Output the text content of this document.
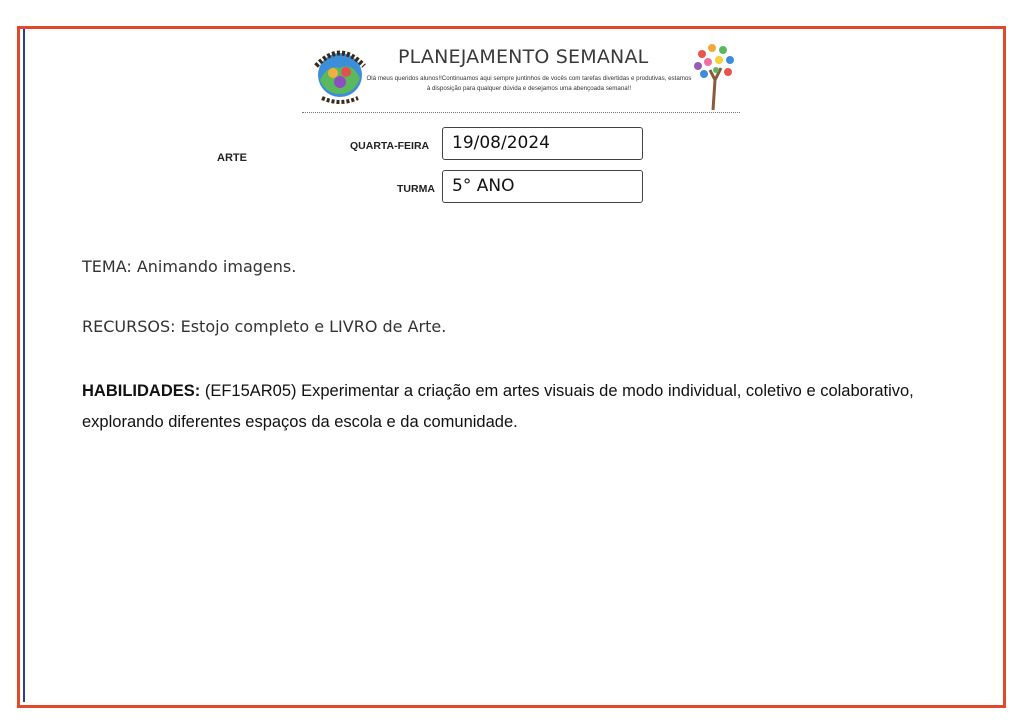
PLANEJAMENTO SEMANAL
Olá meus queridos alunos!!Continuamos aqui sempre juntinhos de vocês com tarefas divertidas e produtivas, estamos à disposição para qualquer dúvida e desejamos uma abençoada semana!!
ARTE
QUARTA-FEIRA	19/08/2024
TURMA	5° ANO
TEMA: Animando imagens.
RECURSOS: Estojo completo e LIVRO de Arte.
HABILIDADES: (EF15AR05) Experimentar a criação em artes visuais de modo individual, coletivo e colaborativo, explorando diferentes espaços da escola e da comunidade.
